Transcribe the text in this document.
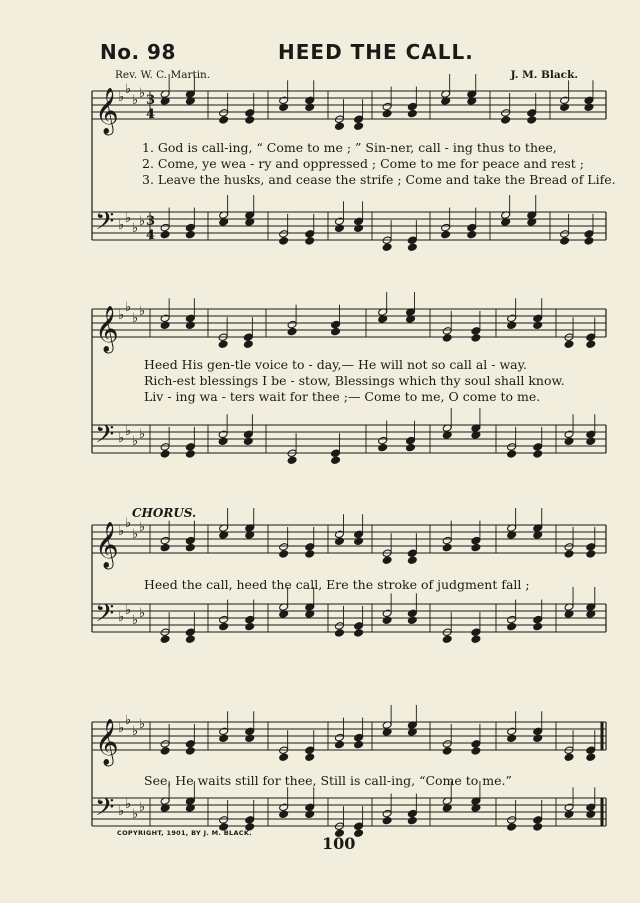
No. 98	HEED THE CALL.
Rev. W. C. Martin.	J. M. Black.
𝄞 ♭
♭
♭ ♭ 3
4
𝄢 ♭ ♭
♭ ♭ 3
4
𝄞 ♭
♭
♭ ♭
𝄢 ♭ ♭
♭ ♭
𝄞 ♭
♭
♭ ♭
𝄢 ♭ ♭
♭ ♭
𝄞 ♭
♭
♭ ♭
𝄢 ♭ ♭
♭ ♭
1. God is call-ing, “ Come to me ; ” Sin-ner, call - ing thus to thee,
2. Come, ye wea - ry and oppressed ; Come to me for peace and rest ;
3. Leave the husks, and cease the strife ; Come and take the Bread of Life.
Heed His gen-tle voice to - day,— He will not so call al - way.
Rich-est blessings I be - stow, Blessings which thy soul shall know.
Liv - ing wa - ters wait for thee ;— Come to me, O come to me.
CHORUS.
Heed the call, heed the call, Ere the stroke of judgment fall ;
See, He waits still for thee, Still is call-ing, “Come to me.”
COPYRIGHT, 1901, BY J. M. BLACK.
100
